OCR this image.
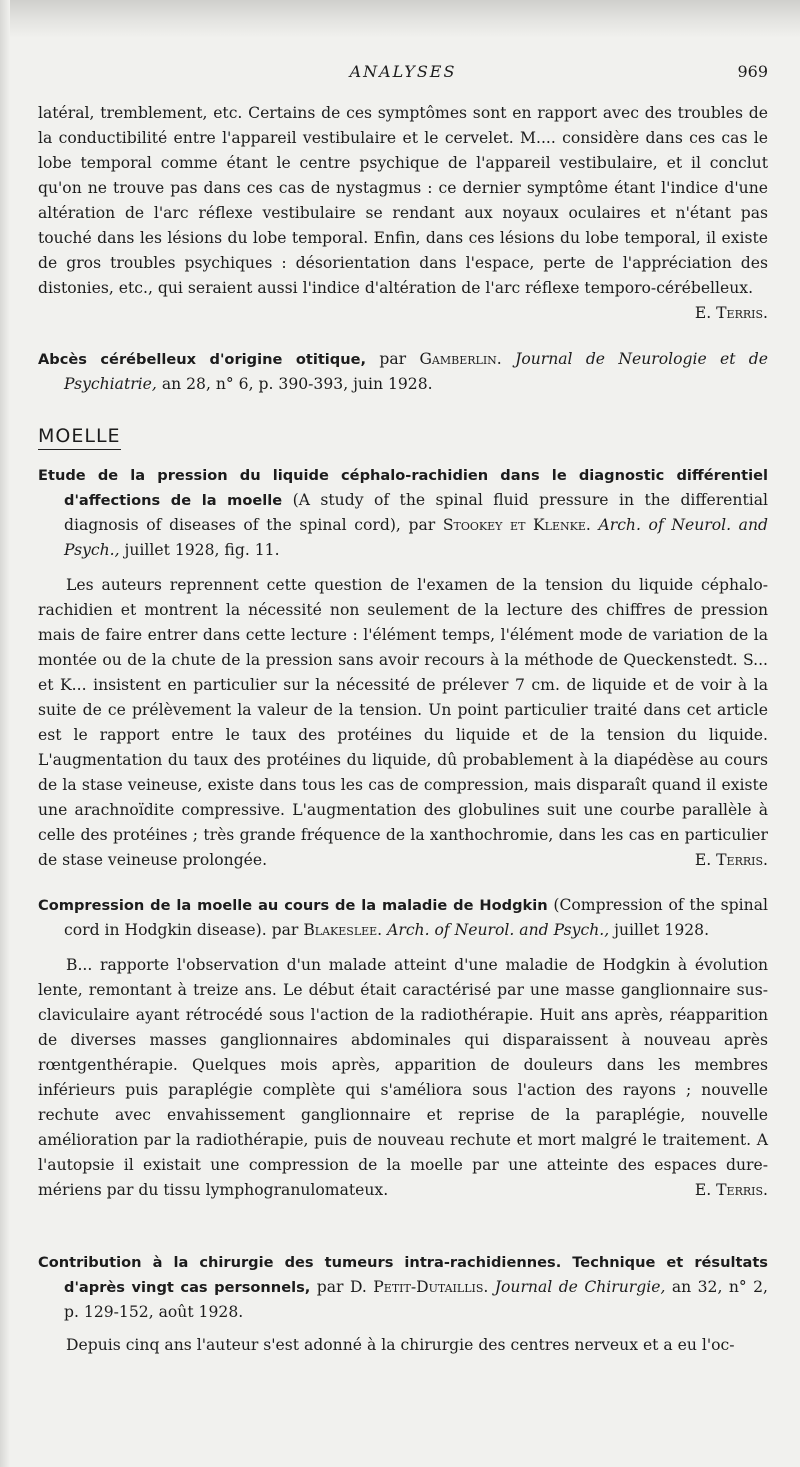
ANALYSES	969

latéral, tremblement, etc. Certains de ces symptômes sont en rapport avec des troubles de la conductibilité entre l'appareil vestibulaire et le cervelet. M.... considère dans ces cas le lobe temporal comme étant le centre psychique de l'appareil vestibulaire, et il conclut qu'on ne trouve pas dans ces cas de nystagmus : ce dernier symptôme étant l'indice d'une altération de l'arc réflexe vestibulaire se rendant aux noyaux oculaires et n'étant pas touché dans les lésions du lobe temporal. Enfin, dans ces lésions du lobe temporal, il existe de gros troubles psychiques : désorientation dans l'espace, perte de l'appréciation des distonies, etc., qui seraient aussi l'indice d'altération de l'arc réflexe temporo-cérébelleux.
E. Terris.

Abcès cérébelleux d'origine otitique, par Gamberlin. Journal de Neurologie et de Psychiatrie, an 28, n° 6, p. 390-393, juin 1928.

MOELLE

Etude de la pression du liquide céphalo-rachidien dans le diagnostic différentiel d'affections de la moelle (A study of the spinal fluid pressure in the differential diagnosis of diseases of the spinal cord), par Stookey et Klenke. Arch. of Neurol. and Psych., juillet 1928, fig. 11.

Les auteurs reprennent cette question de l'examen de la tension du liquide céphalo-rachidien et montrent la nécessité non seulement de la lecture des chiffres de pression mais de faire entrer dans cette lecture : l'élément temps, l'élément mode de variation de la montée ou de la chute de la pression sans avoir recours à la méthode de Queckenstedt. S... et K... insistent en particulier sur la nécessité de prélever 7 cm. de liquide et de voir à la suite de ce prélèvement la valeur de la tension. Un point particulier traité dans cet article est le rapport entre le taux des protéines du liquide et de la tension du liquide. L'augmentation du taux des protéines du liquide, dû probablement à la diapédèse au cours de la stase veineuse, existe dans tous les cas de compression, mais disparaît quand il existe une arachnoïdite compressive. L'augmentation des globulines suit une courbe parallèle à celle des protéines ; très grande fréquence de la xanthochromie, dans les cas en particulier de stase veineuse prolongée.	E. Terris.

Compression de la moelle au cours de la maladie de Hodgkin (Compression of the spinal cord in Hodgkin disease). par Blakeslee. Arch. of Neurol. and Psych., juillet 1928.

B... rapporte l'observation d'un malade atteint d'une maladie de Hodgkin à évolution lente, remontant à treize ans. Le début était caractérisé par une masse ganglionnaire sus-claviculaire ayant rétrocédé sous l'action de la radiothérapie. Huit ans après, réapparition de diverses masses ganglionnaires abdominales qui disparaissent à nouveau après rœntgenthérapie. Quelques mois après, apparition de douleurs dans les membres inférieurs puis paraplégie complète qui s'améliora sous l'action des rayons ; nouvelle rechute avec envahissement ganglionnaire et reprise de la paraplégie, nouvelle amélioration par la radiothérapie, puis de nouveau rechute et mort malgré le traitement. A l'autopsie il existait une compression de la moelle par une atteinte des espaces dure-mériens par du tissu lymphogranulomateux.	E. Terris.

Contribution à la chirurgie des tumeurs intra-rachidiennes. Technique et résultats d'après vingt cas personnels, par D. Petit-Dutaillis. Journal de Chirurgie, an 32, n° 2, p. 129-152, août 1928.

Depuis cinq ans l'auteur s'est adonné à la chirurgie des centres nerveux et a eu l'oc-
